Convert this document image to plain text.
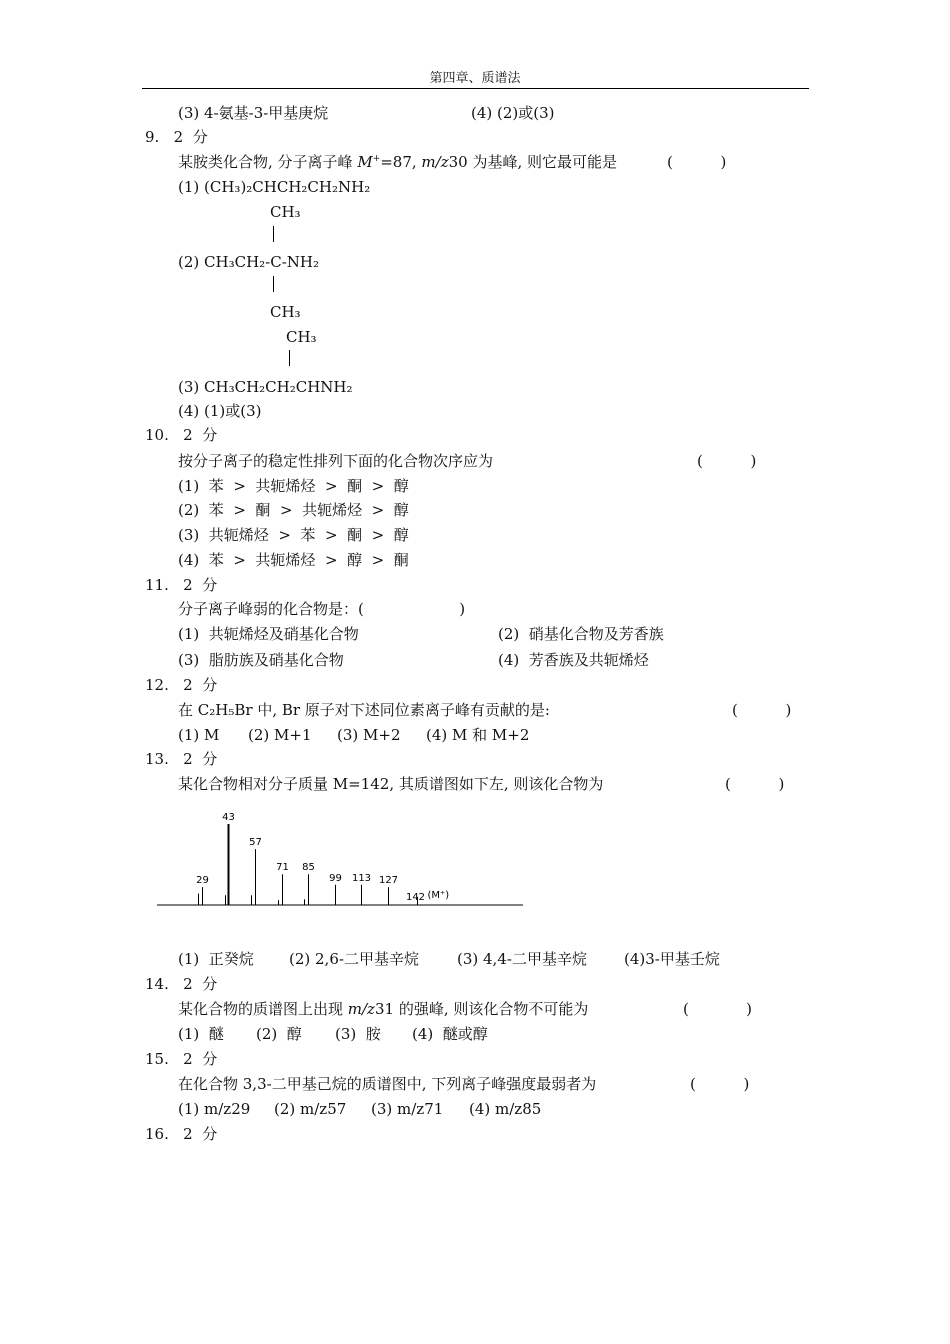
第四章、质谱法
(3) 4-氨基-3-甲基庚烷	(4) (2)或(3)
9.   2  分
某胺类化合物, 分子离子峰 M+=87, m/z30 为基峰, 则它最可能是	(          )
(1) (CH₃)₂CHCH₂CH₂NH₂
CH₃
(2) CH₃CH₂-C-NH₂
CH₃
CH₃
(3) CH₃CH₂CH₂CHNH₂
(4) (1)或(3)
10.   2  分
按分子离子的稳定性排列下面的化合物次序应为	(          )
(1)  苯  >  共轭烯烃  >  酮  >  醇
(2)  苯  >  酮  >  共轭烯烃  >  醇
(3)  共轭烯烃  >  苯  >  酮  >  醇
(4)  苯  >  共轭烯烃  >  醇  >  酮
11.   2  分
分子离子峰弱的化合物是：(                    )
(1)  共轭烯烃及硝基化合物	(2)  硝基化合物及芳香族
(3)  脂肪族及硝基化合物	(4)  芳香族及共轭烯烃
12.   2  分
在 C₂H₅Br 中, Br 原子对下述同位素离子峰有贡献的是:	(          )
(1) M (2) M+1 (3) M+2 (4) M 和 M+2
13.   2  分
某化合物相对分子质量 M=142, 其质谱图如下左, 则该化合物为	(          )
29
43
57
71 85
99 113 127
142 (M⁺)
(1)  正癸烷 (2) 2,6-二甲基辛烷	(3) 4,4-二甲基辛烷 (4)3-甲基壬烷
14.   2  分
某化合物的质谱图上出现 m/z31 的强峰, 则该化合物不可能为	(            )
(1)  醚 (2)  醇 (3)  胺 (4)  醚或醇
15.   2  分
在化合物 3,3-二甲基己烷的质谱图中, 下列离子峰强度最弱者为	(          )
(1) m/z29 (2) m/z57 (3) m/z71 (4) m/z85
16.   2  分
